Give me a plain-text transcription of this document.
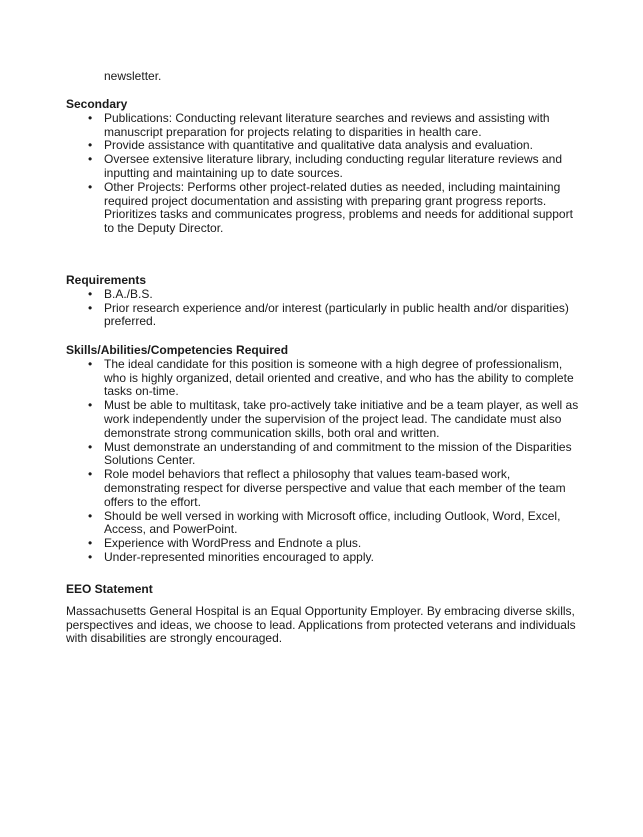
newsletter.
Secondary
• Publications: Conducting relevant literature searches and reviews and assisting with manuscript preparation for projects relating to disparities in health care.
• Provide assistance with quantitative and qualitative data analysis and evaluation.
• Oversee extensive literature library, including conducting regular literature reviews and inputting and maintaining up to date sources.
• Other Projects: Performs other project-related duties as needed, including maintaining required project documentation and assisting with preparing grant progress reports. Prioritizes tasks and communicates progress, problems and needs for additional support to the Deputy Director.
Requirements
• B.A./B.S.
• Prior research experience and/or interest (particularly in public health and/or disparities) preferred.
Skills/Abilities/Competencies Required
• The ideal candidate for this position is someone with a high degree of professionalism, who is highly organized, detail oriented and creative, and who has the ability to complete tasks on-time.
• Must be able to multitask, take pro-actively take initiative and be a team player, as well as work independently under the supervision of the project lead. The candidate must also demonstrate strong communication skills, both oral and written.
• Must demonstrate an understanding of and commitment to the mission of the Disparities Solutions Center.
• Role model behaviors that reflect a philosophy that values team-based work, demonstrating respect for diverse perspective and value that each member of the team offers to the effort.
• Should be well versed in working with Microsoft office, including Outlook, Word, Excel, Access, and PowerPoint.
• Experience with WordPress and Endnote a plus.
• Under-represented minorities encouraged to apply.
EEO Statement

Massachusetts General Hospital is an Equal Opportunity Employer. By embracing diverse skills, perspectives and ideas, we choose to lead. Applications from protected veterans and individuals with disabilities are strongly encouraged.
